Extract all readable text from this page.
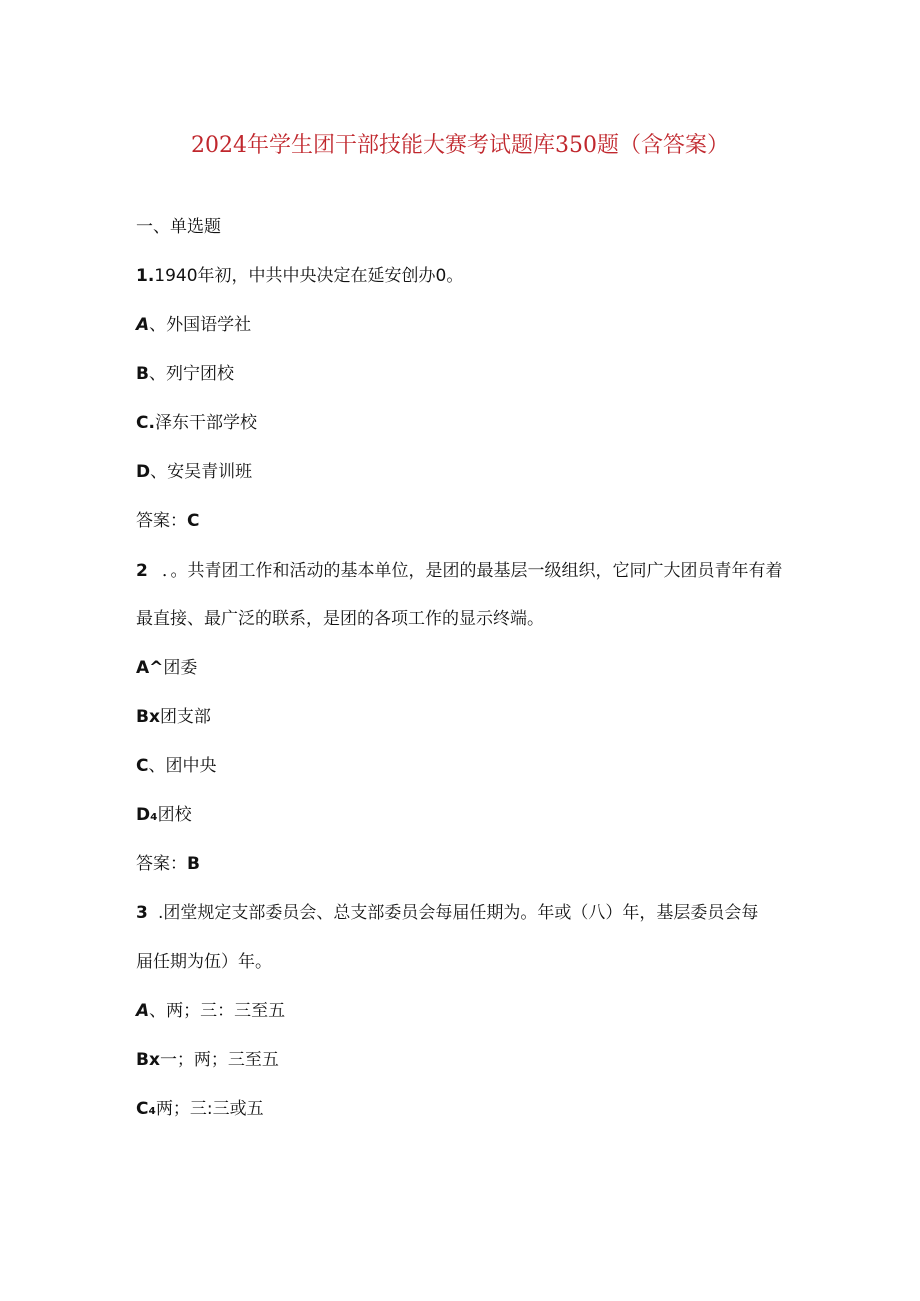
2024年学生团干部技能大赛考试题库350题（含答案）
一、单选题
1.1940年初，中共中央决定在延安创办0。
A、外国语学社
B、列宁团校
C.泽东干部学校
D、安吴青训班
答案：C
2 ．。共青团工作和活动的基本单位，是团的最基层一级组织，它同广大团员青年有着
最直接、最广泛的联系，是团的各项工作的显示终端。
A^团委
Bx团支部
C、团中央
D₄团校
答案：B
3 .团堂规定支部委员会、总支部委员会每届任期为。年或（八）年，基层委员会每
届任期为伍）年。
A、两；三：三至五
Bx一；两；三至五
C₄两；三:三或五
